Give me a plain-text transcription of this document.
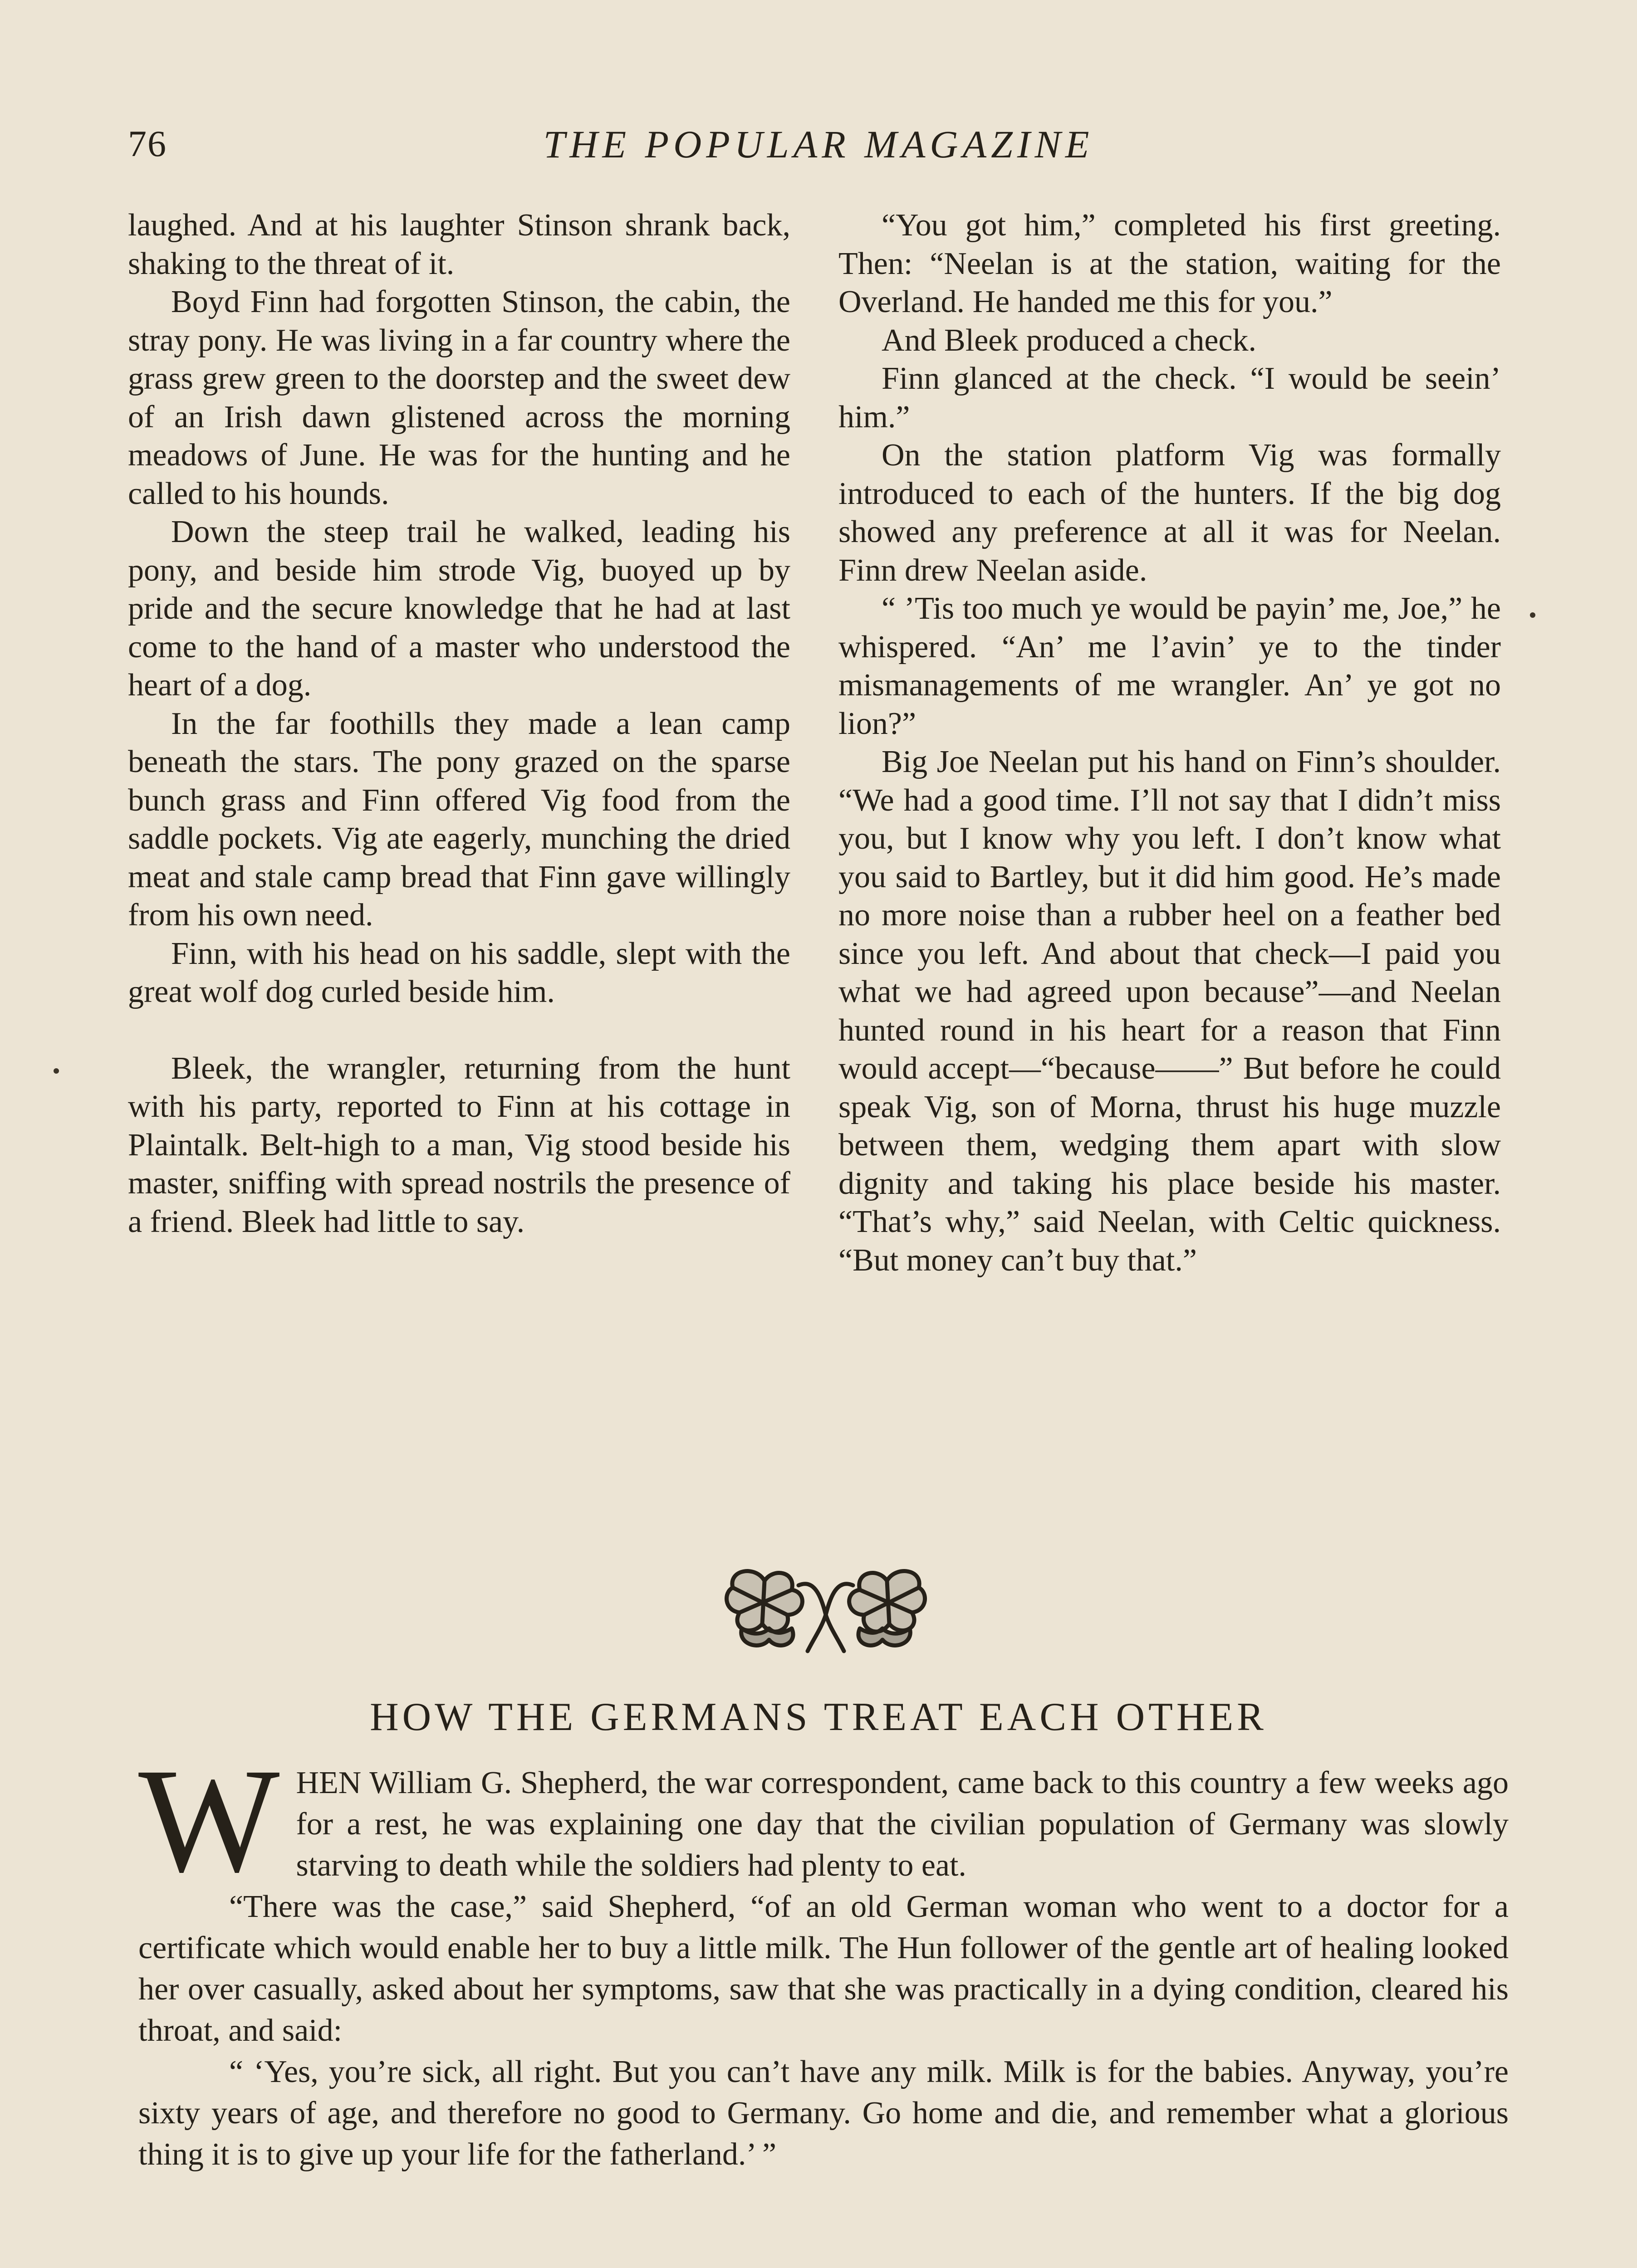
76	THE POPULAR MAGAZINE

laughed. And at his laughter Stinson shrank back, shaking to the threat of it.

Boyd Finn had forgotten Stinson, the cabin, the stray pony. He was living in a far country where the grass grew green to the doorstep and the sweet dew of an Irish dawn glistened across the morning meadows of June. He was for the hunting and he called to his hounds.

Down the steep trail he walked, leading his pony, and beside him strode Vig, buoyed up by pride and the secure knowledge that he had at last come to the hand of a master who understood the heart of a dog.

In the far foothills they made a lean camp beneath the stars. The pony grazed on the sparse bunch grass and Finn offered Vig food from the saddle pockets. Vig ate eagerly, munching the dried meat and stale camp bread that Finn gave willingly from his own need.

Finn, with his head on his saddle, slept with the great wolf dog curled beside him.

Bleek, the wrangler, returning from the hunt with his party, reported to Finn at his cottage in Plaintalk. Belt-high to a man, Vig stood beside his master, sniffing with spread nostrils the presence of a friend. Bleek had little to say.

“You got him,” completed his first greeting. Then: “Neelan is at the station, waiting for the Overland. He handed me this for you.”

And Bleek produced a check.

Finn glanced at the check. “I would be seein’ him.”

On the station platform Vig was formally introduced to each of the hunters. If the big dog showed any preference at all it was for Neelan. Finn drew Neelan aside.

“ ’Tis too much ye would be payin’ me, Joe,” he whispered. “An’ me l’avin’ ye to the tinder mismanagements of me wrangler. An’ ye got no lion?”

Big Joe Neelan put his hand on Finn’s shoulder. “We had a good time. I’ll not say that I didn’t miss you, but I know why you left. I don’t know what you said to Bartley, but it did him good. He’s made no more noise than a rubber heel on a feather bed since you left. And about that check—I paid you what we had agreed upon because”—and Neelan hunted round in his heart for a reason that Finn would accept—“because——” But before he could speak Vig, son of Morna, thrust his huge muzzle between them, wedging them apart with slow dignity and taking his place beside his master. “That’s why,” said Neelan, with Celtic quickness. “But money can’t buy that.”

HOW THE GERMANS TREAT EACH OTHER

WHEN William G. Shepherd, the war correspondent, came back to this country a few weeks ago for a rest, he was explaining one day that the civilian population of Germany was slowly starving to death while the soldiers had plenty to eat.

“There was the case,” said Shepherd, “of an old German woman who went to a doctor for a certificate which would enable her to buy a little milk. The Hun follower of the gentle art of healing looked her over casually, asked about her symptoms, saw that she was practically in a dying condition, cleared his throat, and said:

“ ‘Yes, you’re sick, all right. But you can’t have any milk. Milk is for the babies. Anyway, you’re sixty years of age, and therefore no good to Germany. Go home and die, and remember what a glorious thing it is to give up your life for the fatherland.’ ”
